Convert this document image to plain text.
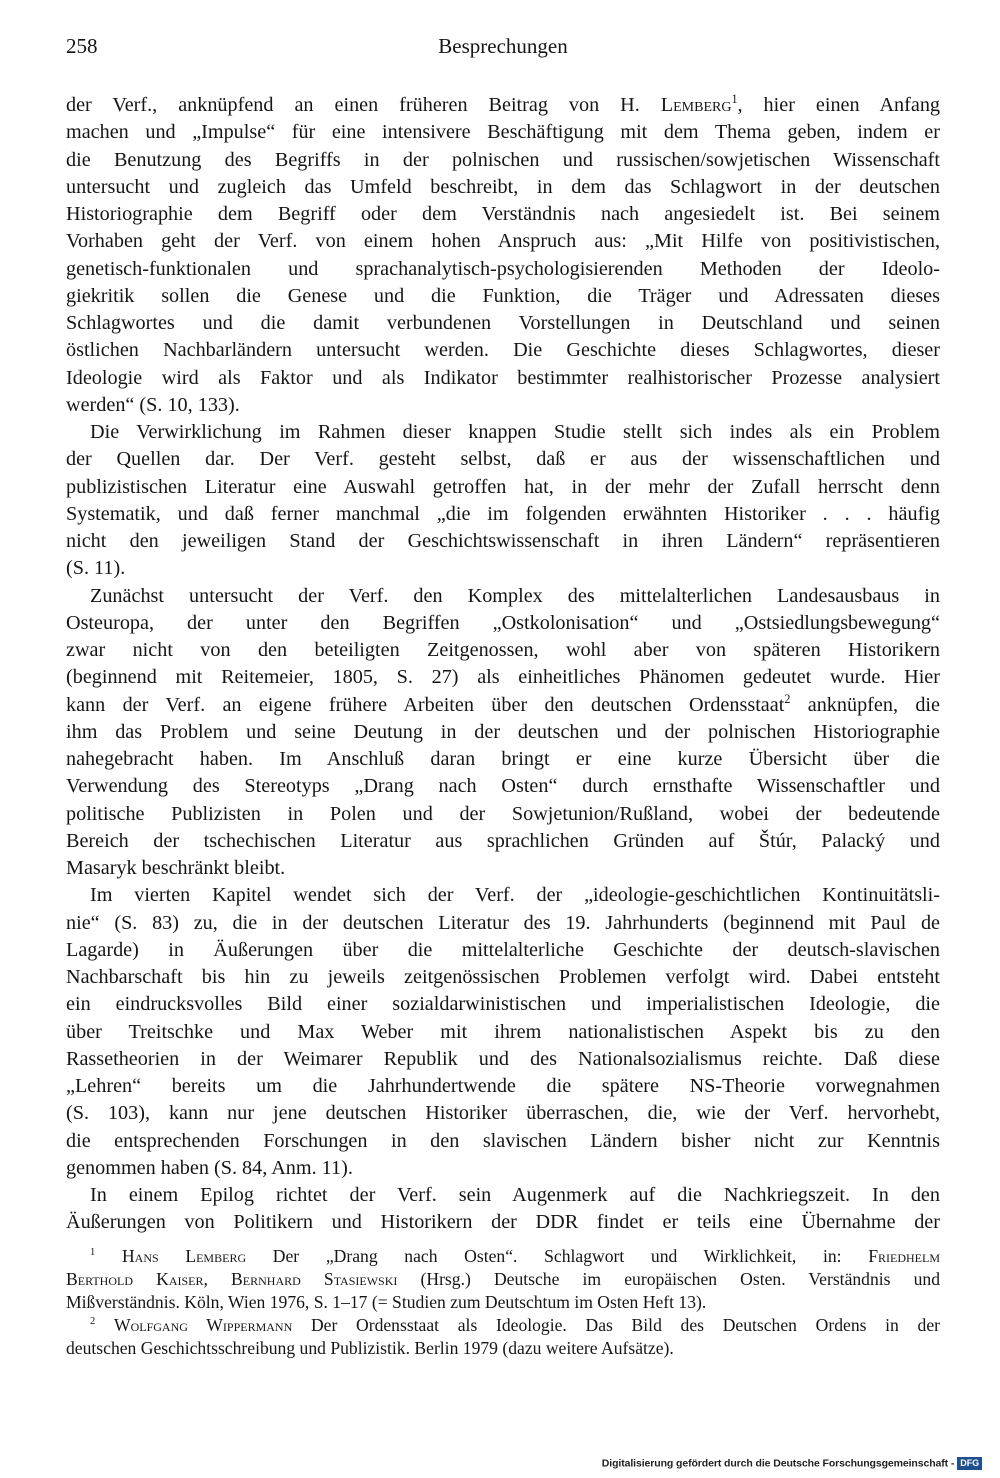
258	Besprechungen
der Verf., anknüpfend an einen früheren Beitrag von H. Lemberg$^1$, hier einen Anfang
machen und „Impulse“ für eine intensivere Beschäftigung mit dem Thema geben, indem er
die Benutzung des Begriffs in der polnischen und russischen/sowjetischen Wissenschaft
untersucht und zugleich das Umfeld beschreibt, in dem das Schlagwort in der deutschen
Historiographie dem Begriff oder dem Verständnis nach angesiedelt ist. Bei seinem
Vorhaben geht der Verf. von einem hohen Anspruch aus: „Mit Hilfe von positivistischen,
genetisch-funktionalen und sprachanalytisch-psychologisierenden Methoden der Ideolo-
giekritik sollen die Genese und die Funktion, die Träger und Adressaten dieses
Schlagwortes und die damit verbundenen Vorstellungen in Deutschland und seinen
östlichen Nachbarländern untersucht werden. Die Geschichte dieses Schlagwortes, dieser
Ideologie wird als Faktor und als Indikator bestimmter realhistorischer Prozesse analysiert
werden“ (S. 10, 133).
Die Verwirklichung im Rahmen dieser knappen Studie stellt sich indes als ein Problem
der Quellen dar. Der Verf. gesteht selbst, daß er aus der wissenschaftlichen und
publizistischen Literatur eine Auswahl getroffen hat, in der mehr der Zufall herrscht denn
Systematik, und daß ferner manchmal „die im folgenden erwähnten Historiker . . . häufig
nicht den jeweiligen Stand der Geschichtswissenschaft in ihren Ländern“ repräsentieren
(S. 11).
Zunächst untersucht der Verf. den Komplex des mittelalterlichen Landesausbaus in
Osteuropa, der unter den Begriffen „Ostkolonisation“ und „Ostsiedlungsbewegung“
zwar nicht von den beteiligten Zeitgenossen, wohl aber von späteren Historikern
(beginnend mit Reitemeier, 1805, S. 27) als einheitliches Phänomen gedeutet wurde. Hier
kann der Verf. an eigene frühere Arbeiten über den deutschen Ordensstaat$^2$ anknüpfen, die
ihm das Problem und seine Deutung in der deutschen und der polnischen Historiographie
nahegebracht haben. Im Anschluß daran bringt er eine kurze Übersicht über die
Verwendung des Stereotyps „Drang nach Osten“ durch ernsthafte Wissenschaftler und
politische Publizisten in Polen und der Sowjetunion/Rußland, wobei der bedeutende
Bereich der tschechischen Literatur aus sprachlichen Gründen auf Štúr, Palacký und
Masaryk beschränkt bleibt.
Im vierten Kapitel wendet sich der Verf. der „ideologie-geschichtlichen Kontinuitätsli-
nie“ (S. 83) zu, die in der deutschen Literatur des 19. Jahrhunderts (beginnend mit Paul de
Lagarde) in Äußerungen über die mittelalterliche Geschichte der deutsch-slavischen
Nachbarschaft bis hin zu jeweils zeitgenössischen Problemen verfolgt wird. Dabei entsteht
ein eindrucksvolles Bild einer sozialdarwinistischen und imperialistischen Ideologie, die
über Treitschke und Max Weber mit ihrem nationalistischen Aspekt bis zu den
Rassetheorien in der Weimarer Republik und des Nationalsozialismus reichte. Daß diese
„Lehren“ bereits um die Jahrhundertwende die spätere NS-Theorie vorwegnahmen
(S. 103), kann nur jene deutschen Historiker überraschen, die, wie der Verf. hervorhebt,
die entsprechenden Forschungen in den slavischen Ländern bisher nicht zur Kenntnis
genommen haben (S. 84, Anm. 11).
In einem Epilog richtet der Verf. sein Augenmerk auf die Nachkriegszeit. In den
Äußerungen von Politikern und Historikern der DDR findet er teils eine Übernahme der
$^1$ Hans Lemberg Der „Drang nach Osten“. Schlagwort und Wirklichkeit, in: Friedhelm
Berthold Kaiser, Bernhard Stasiewski (Hrsg.) Deutsche im europäischen Osten. Verständnis und
Mißverständnis. Köln, Wien 1976, S. 1–17 (= Studien zum Deutschtum im Osten Heft 13).
$^2$ Wolfgang Wippermann Der Ordensstaat als Ideologie. Das Bild des Deutschen Ordens in der
deutschen Geschichtsschreibung und Publizistik. Berlin 1979 (dazu weitere Aufsätze).
Digitalisierung gefördert durch die Deutsche Forschungsgemeinschaft - DFG
